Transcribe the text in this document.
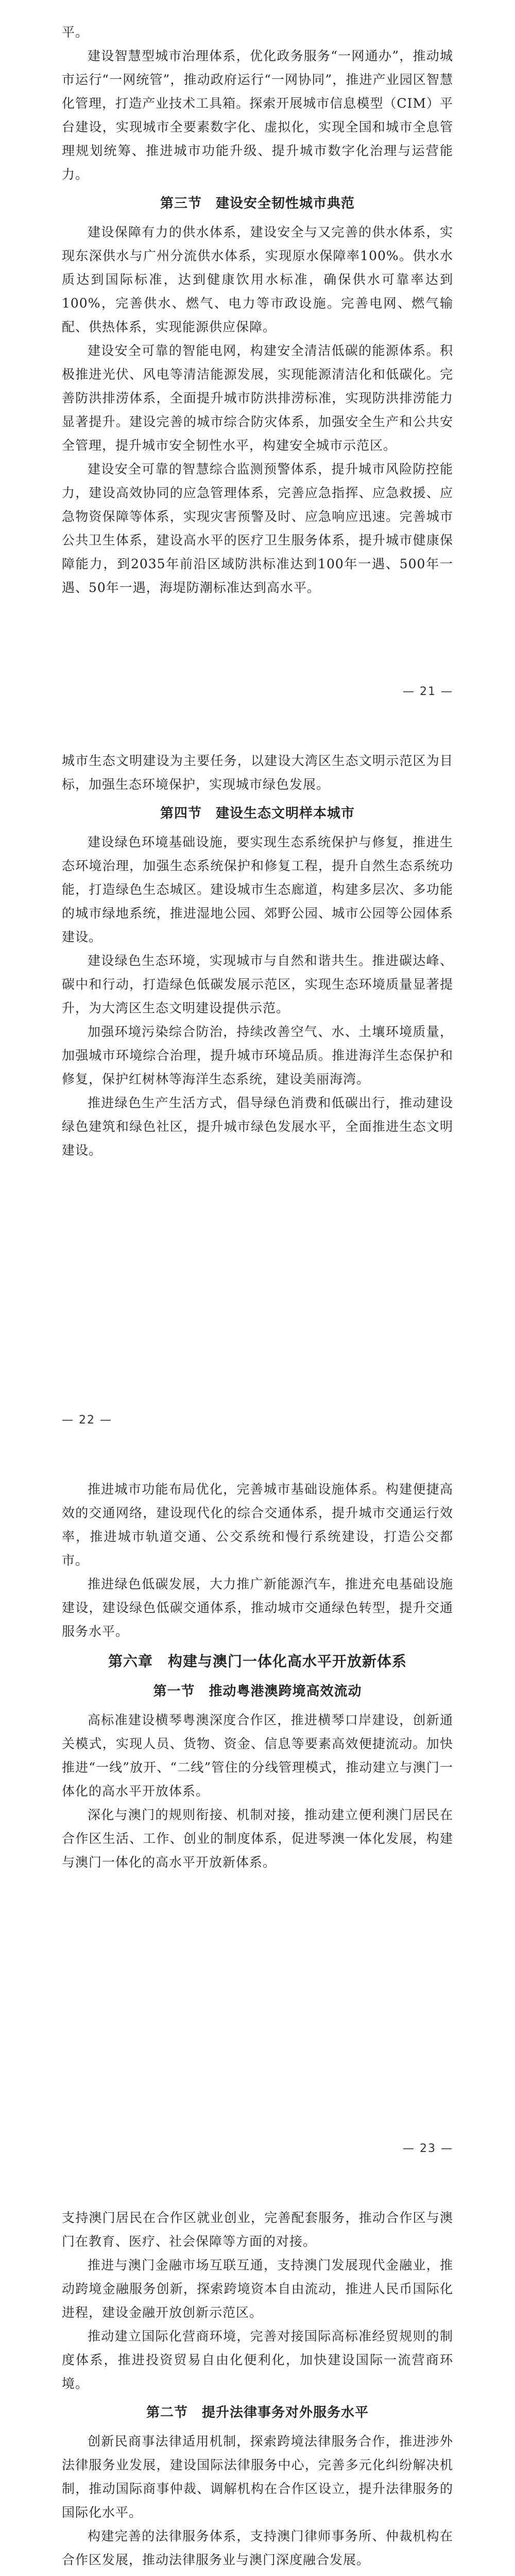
平。

建设智慧型城市治理体系，优化政务服务“一网通办”，推动城市运行“一网统管”，推动政府运行“一网协同”，推进产业园区智慧化管理，打造产业技术工具箱。探索开展城市信息模型（CIM）平台建设，实现城市全要素数字化、虚拟化，实现全国和城市全息管理规划统筹、推进城市功能升级、提升城市数字化治理与运营能力。

第三节　建设安全韧性城市典范

建设保障有力的供水体系，建设安全与又完善的供水体系，实现东深供水与广州分流供水体系，实现原水保障率100%。供水水质达到国际标准，达到健康饮用水标准，确保供水可靠率达到100%，完善供水、燃气、电力等市政设施。完善电网、燃气输配、供热体系，实现能源供应保障。

建设安全可靠的智能电网，构建安全清洁低碳的能源体系。积极推进光伏、风电等清洁能源发展，实现能源清洁化和低碳化。完善防洪排涝体系，全面提升城市防洪排涝标准，实现防洪排涝能力显著提升。建设完善的城市综合防灾体系，加强安全生产和公共安全管理，提升城市安全韧性水平，构建安全城市示范区。

建设安全可靠的智慧综合监测预警体系，提升城市风险防控能力，建设高效协同的应急管理体系，完善应急指挥、应急救援、应急物资保障等体系，实现灾害预警及时、应急响应迅速。完善城市公共卫生体系，建设高水平的医疗卫生服务体系，提升城市健康保障能力，到2035年前沿区域防洪标准达到100年一遇、500年一遇、50年一遇，海堤防潮标准达到高水平。

— 21 —

城市生态文明建设为主要任务，以建设大湾区生态文明示范区为目标，加强生态环境保护，实现城市绿色发展。

第四节　建设生态文明样本城市

建设绿色环境基础设施，要实现生态系统保护与修复，推进生态环境治理，加强生态系统保护和修复工程，提升自然生态系统功能，打造绿色生态城区。建设城市生态廊道，构建多层次、多功能的城市绿地系统，推进湿地公园、郊野公园、城市公园等公园体系建设。

建设绿色生态环境，实现城市与自然和谐共生。推进碳达峰、碳中和行动，打造绿色低碳发展示范区，实现生态环境质量显著提升，为大湾区生态文明建设提供示范。

加强环境污染综合防治，持续改善空气、水、土壤环境质量，加强城市环境综合治理，提升城市环境品质。推进海洋生态保护和修复，保护红树林等海洋生态系统，建设美丽海湾。

推进绿色生产生活方式，倡导绿色消费和低碳出行，推动建设绿色建筑和绿色社区，提升城市绿色发展水平，全面推进生态文明建设。

— 22 —

推进城市功能布局优化，完善城市基础设施体系。构建便捷高效的交通网络，建设现代化的综合交通体系，提升城市交通运行效率，推进城市轨道交通、公交系统和慢行系统建设，打造公交都市。

推进绿色低碳发展，大力推广新能源汽车，推进充电基础设施建设，建设绿色低碳交通体系，推动城市交通绿色转型，提升交通服务水平。

第六章　构建与澳门一体化高水平开放新体系
第一节　推动粤港澳跨境高效流动

高标准建设横琴粤澳深度合作区，推进横琴口岸建设，创新通关模式，实现人员、货物、资金、信息等要素高效便捷流动。加快推进“一线”放开、“二线”管住的分线管理模式，推动建立与澳门一体化的高水平开放体系。

深化与澳门的规则衔接、机制对接，推动建立便利澳门居民在合作区生活、工作、创业的制度体系，促进琴澳一体化发展，构建与澳门一体化的高水平开放新体系。

— 23 —

支持澳门居民在合作区就业创业，完善配套服务，推动合作区与澳门在教育、医疗、社会保障等方面的对接。

推进与澳门金融市场互联互通，支持澳门发展现代金融业，推动跨境金融服务创新，探索跨境资本自由流动，推进人民币国际化进程，建设金融开放创新示范区。

推动建立国际化营商环境，完善对接国际高标准经贸规则的制度体系，推进投资贸易自由化便利化，加快建设国际一流营商环境。

第二节　提升法律事务对外服务水平

创新民商事法律适用机制，探索跨境法律服务合作，推进涉外法律服务业发展，建设国际法律服务中心，完善多元化纠纷解决机制，推动国际商事仲裁、调解机构在合作区设立，提升法律服务的国际化水平。

构建完善的法律服务体系，支持澳门律师事务所、仲裁机构在合作区发展，推动法律服务业与澳门深度融合发展。
